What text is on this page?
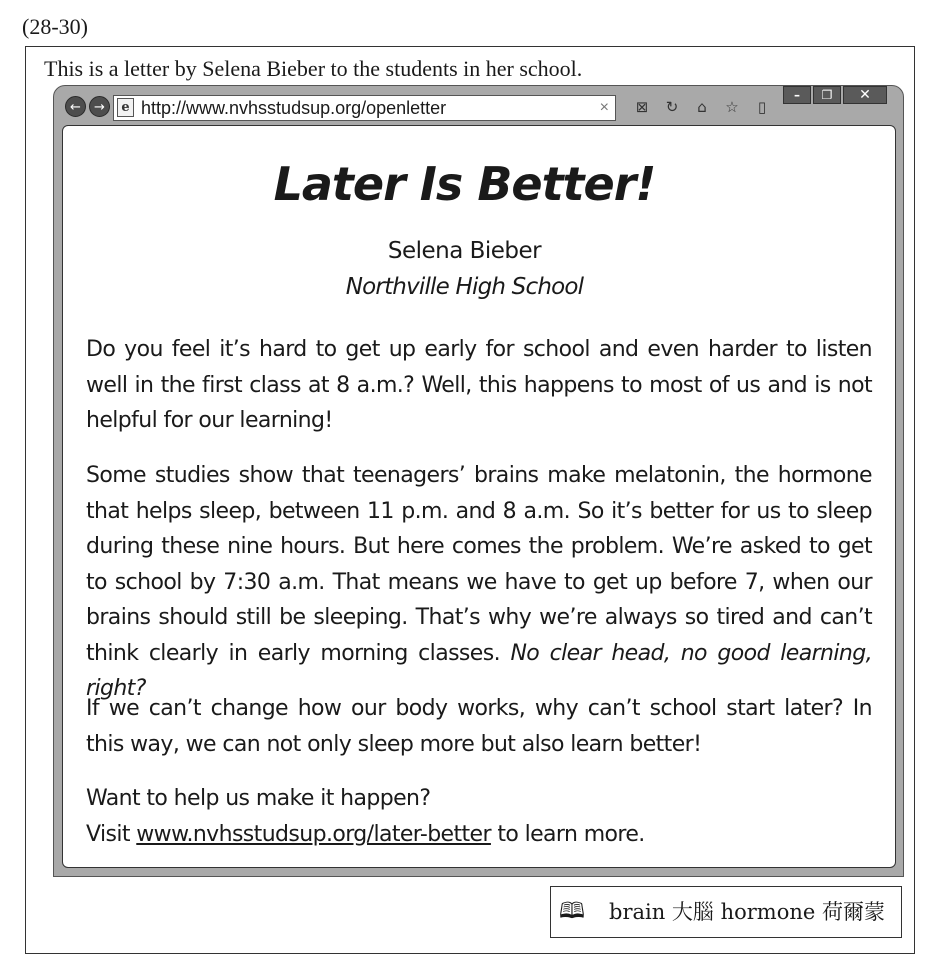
(28-30)
This is a letter by Selena Bieber to the students in her school.
←	→	e http://www.nvhsstudsup.org/openletter	×	⊠	↻	⌂	☆	▯
–	❐	✕
Later Is Better!
Selena Bieber
Northville High School
Do you feel it’s hard to get up early for school and even harder to listen well in the first class at 8 a.m.? Well, this happens to most of us and is not helpful for our learning!
Some studies show that teenagers’ brains make melatonin, the hormone that helps sleep, between 11 p.m. and 8 a.m. So it’s better for us to sleep during these nine hours. But here comes the problem. We’re asked to get to school by 7:30 a.m. That means we have to get up before 7, when our brains should still be sleeping. That’s why we’re always so tired and can’t think clearly in early morning classes. No clear head, no good learning, right?
If we can’t change how our body works, why can’t school start later? In this way, we can not only sleep more but also learn better!
Want to help us make it happen?
Visit www.nvhsstudsup.org/later-better to learn more.
🕮 brain 大腦 hormone 荷爾蒙
